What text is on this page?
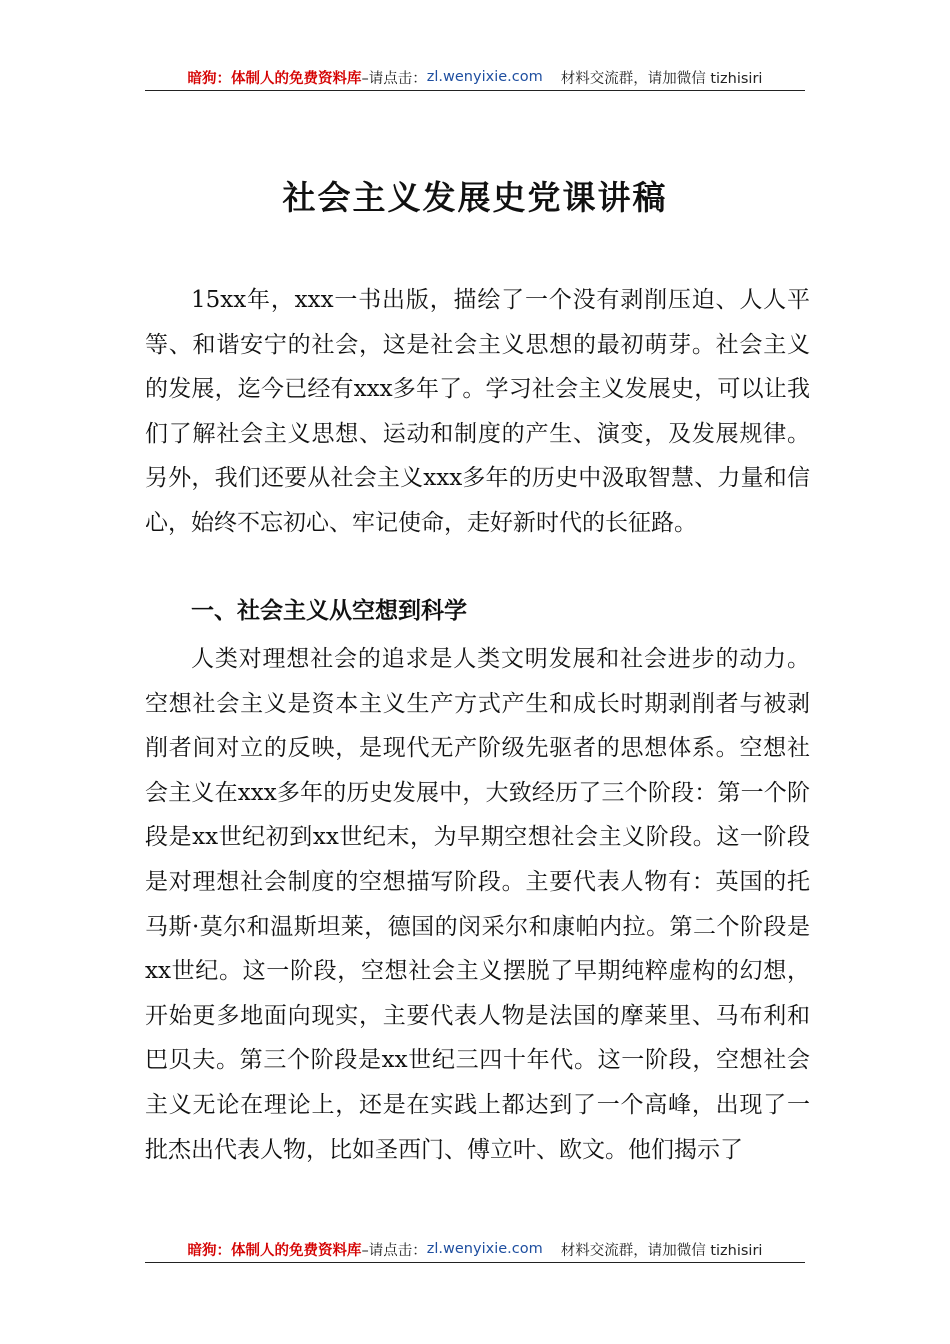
暗狗：体制人的免费资料库 –请点击： zl.wenyixie.com 材料交流群，请加微信 tizhisiri
社会主义发展史党课讲稿

15xx年，xxx一书出版，描绘了一个没有剥削压迫、人人平等、和谐安宁的社会，这是社会主义思想的最初萌芽。社会主义的发展，迄今已经有xxx多年了。学习社会主义发展史，可以让我们了解社会主义思想、运动和制度的产生、演变，及发展规律。另外，我们还要从社会主义xxx多年的历史中汲取智慧、力量和信心，始终不忘初心、牢记使命，走好新时代的长征路。

一、社会主义从空想到科学

人类对理想社会的追求是人类文明发展和社会进步的动力。空想社会主义是资本主义生产方式产生和成长时期剥削者与被剥削者间对立的反映，是现代无产阶级先驱者的思想体系。空想社会主义在xxx多年的历史发展中，大致经历了三个阶段：第一个阶段是xx世纪初到xx世纪末，为早期空想社会主义阶段。这一阶段是对理想社会制度的空想描写阶段。主要代表人物有：英国的托马斯·莫尔和温斯坦莱，德国的闵采尔和康帕内拉。第二个阶段是xx世纪。这一阶段，空想社会主义摆脱了早期纯粹虚构的幻想，开始更多地面向现实，主要代表人物是法国的摩莱里、马布利和巴贝夫。第三个阶段是xx世纪三四十年代。这一阶段，空想社会主义无论在理论上，还是在实践上都达到了一个高峰，出现了一批杰出代表人物，比如圣西门、傅立叶、欧文。他们揭示了

暗狗：体制人的免费资料库 –请点击： zl.wenyixie.com 材料交流群，请加微信 tizhisiri
